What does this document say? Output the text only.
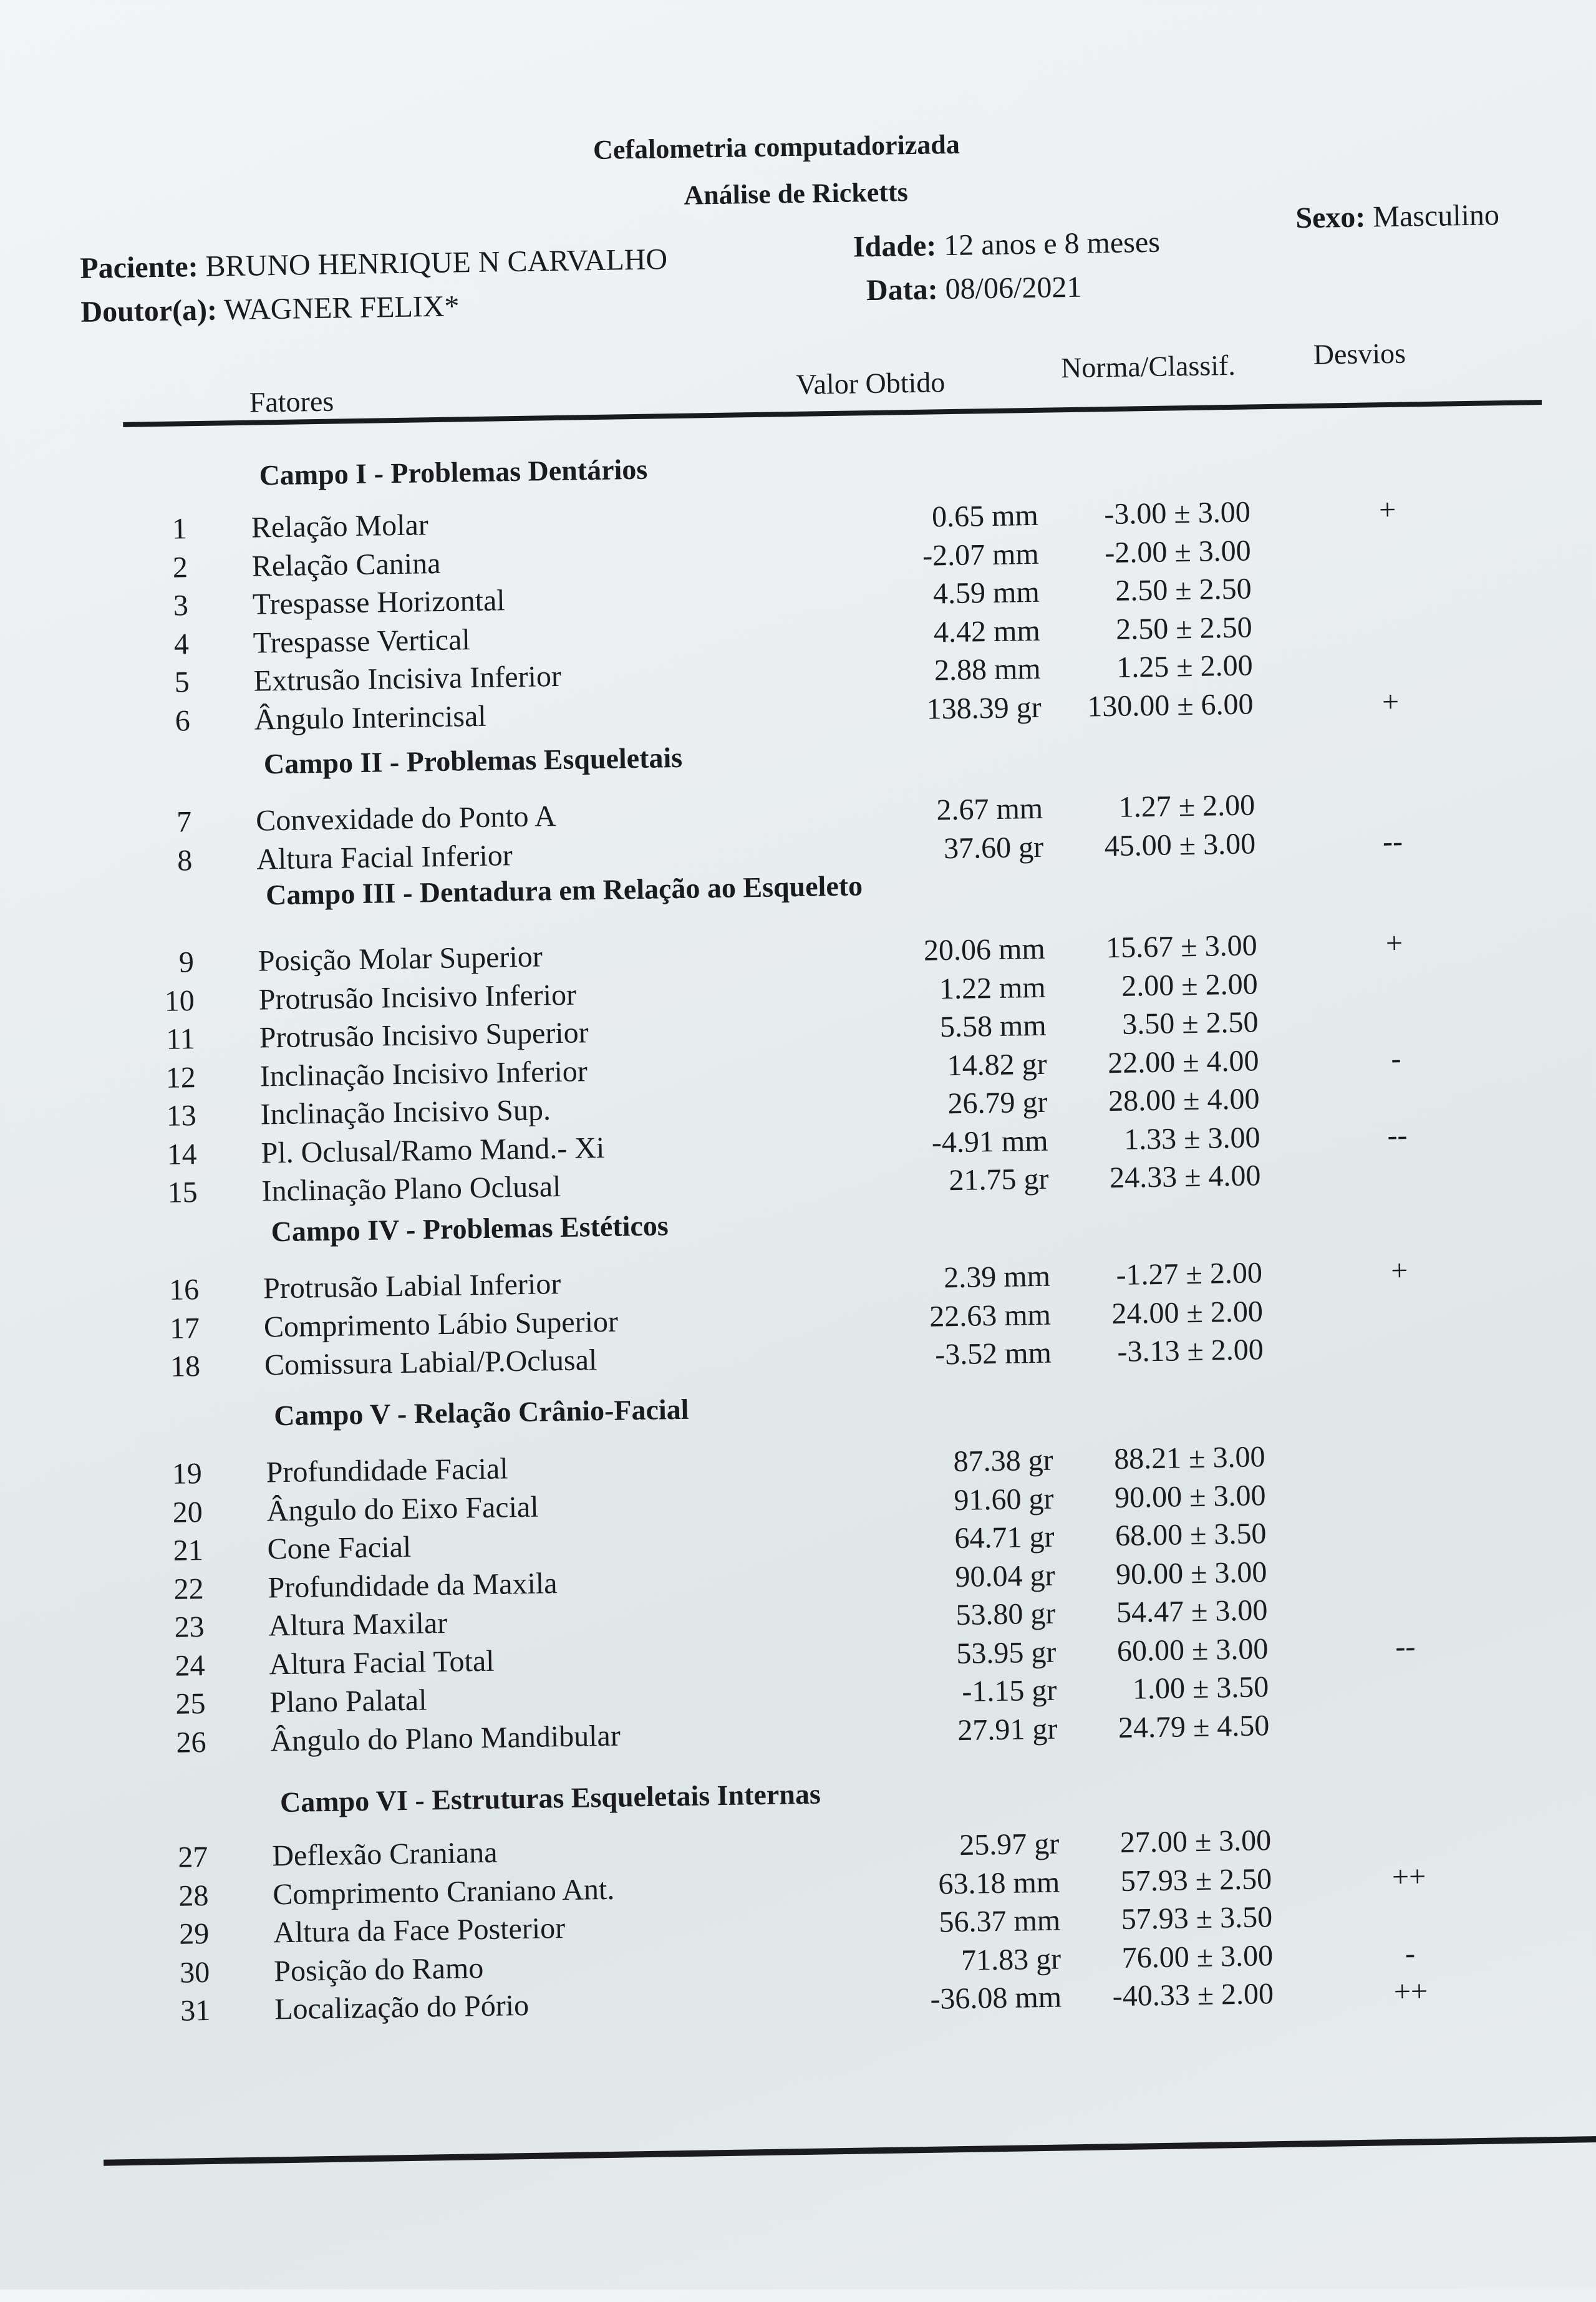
Cefalometria computadorizada
Análise de Ricketts
Paciente: BRUNO HENRIQUE N CARVALHO
Doutor(a): WAGNER FELIX*
Idade: 12 anos e 8 meses
Data: 08/06/2021
Sexo: Masculino
Fatores
Valor Obtido	Norma/Classif.	Desvios
Campo I - Problemas Dentários
1 Relação Molar	0.65 mm	-3.00 ± 3.00	+
2 Relação Canina	-2.07 mm	-2.00 ± 3.00
3 Trespasse Horizontal	4.59 mm	2.50 ± 2.50
4 Trespasse Vertical	4.42 mm	2.50 ± 2.50
5 Extrusão Incisiva Inferior	2.88 mm	1.25 ± 2.00
6 Ângulo Interincisal	138.39 gr	130.00 ± 6.00	+
Campo II - Problemas Esqueletais
7 Convexidade do Ponto A	2.67 mm	1.27 ± 2.00
8 Altura Facial Inferior	37.60 gr	45.00 ± 3.00	--
Campo III - Dentadura em Relação ao Esqueleto
9 Posição Molar Superior	20.06 mm	15.67 ± 3.00	+
10 Protrusão Incisivo Inferior	1.22 mm	2.00 ± 2.00
11 Protrusão Incisivo Superior	5.58 mm	3.50 ± 2.50
12 Inclinação Incisivo Inferior	14.82 gr	22.00 ± 4.00	-
13 Inclinação Incisivo Sup.	26.79 gr	28.00 ± 4.00
14 Pl. Oclusal/Ramo Mand.- Xi	-4.91 mm	1.33 ± 3.00	--
15 Inclinação Plano Oclusal	21.75 gr	24.33 ± 4.00
Campo IV - Problemas Estéticos
16 Protrusão Labial Inferior	2.39 mm	-1.27 ± 2.00	+
17 Comprimento Lábio Superior	22.63 mm	24.00 ± 2.00
18 Comissura Labial/P.Oclusal	-3.52 mm	-3.13 ± 2.00
Campo V - Relação Crânio-Facial
19 Profundidade Facial	87.38 gr	88.21 ± 3.00
20 Ângulo do Eixo Facial	91.60 gr	90.00 ± 3.00
21 Cone Facial	64.71 gr	68.00 ± 3.50
22 Profundidade da Maxila	90.04 gr	90.00 ± 3.00
23 Altura Maxilar	53.80 gr	54.47 ± 3.00
24 Altura Facial Total	53.95 gr	60.00 ± 3.00	--
25 Plano Palatal	-1.15 gr	1.00 ± 3.50
26 Ângulo do Plano Mandibular	27.91 gr	24.79 ± 4.50
Campo VI - Estruturas Esqueletais Internas
27 Deflexão Craniana	25.97 gr	27.00 ± 3.00
28 Comprimento Craniano Ant.	63.18 mm	57.93 ± 2.50	++
29 Altura da Face Posterior	56.37 mm	57.93 ± 3.50
30 Posição do Ramo	71.83 gr	76.00 ± 3.00	-
31 Localização do Pório	-36.08 mm	-40.33 ± 2.00	++
